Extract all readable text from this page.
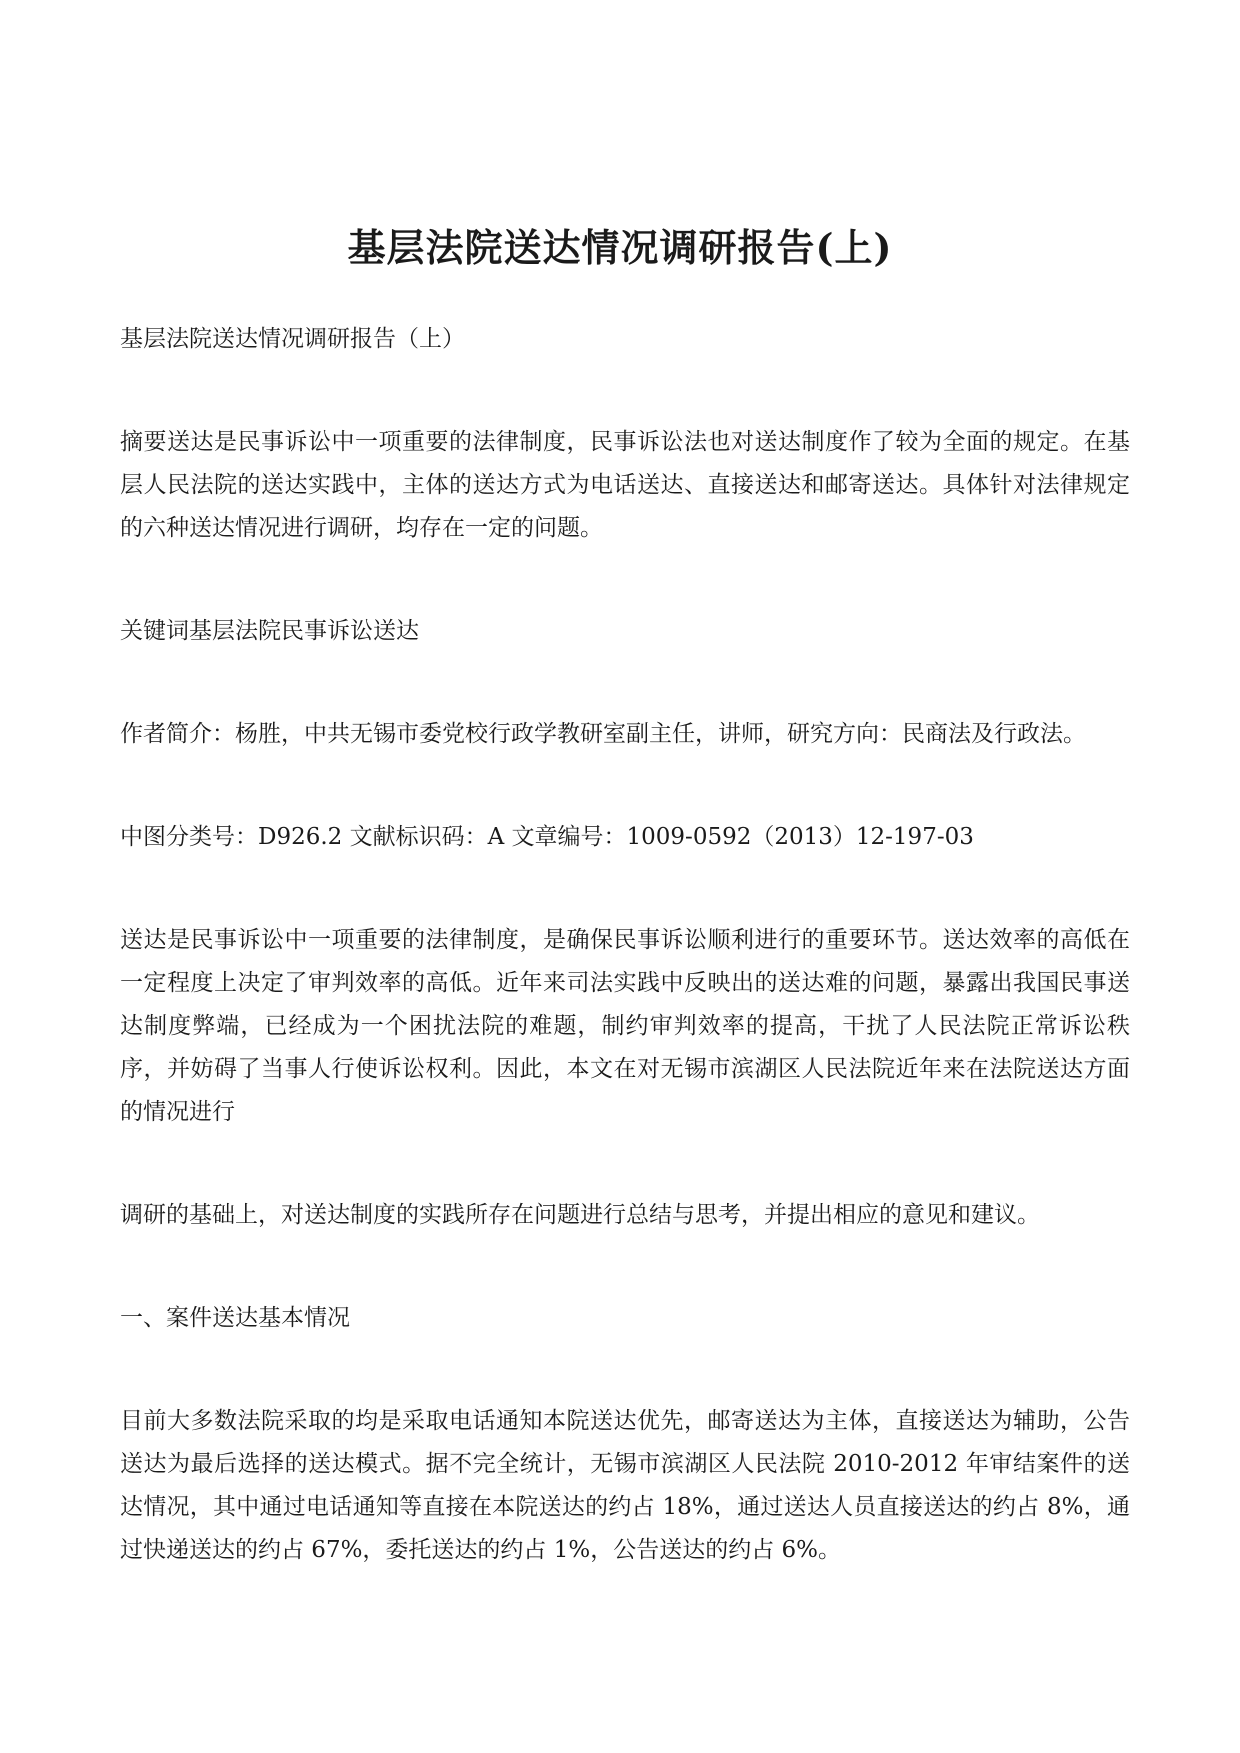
基层法院送达情况调研报告(上)

基层法院送达情况调研报告（上）

摘要送达是民事诉讼中一项重要的法律制度，民事诉讼法也对送达制度作了较为全面的规定。在基层人民法院的送达实践中，主体的送达方式为电话送达、直接送达和邮寄送达。具体针对法律规定的六种送达情况进行调研，均存在一定的问题。

关键词基层法院民事诉讼送达

作者简介：杨胜，中共无锡市委党校行政学教研室副主任，讲师，研究方向：民商法及行政法。

中图分类号：D926.2 文献标识码：A 文章编号：1009-0592（2013）12-197-03

送达是民事诉讼中一项重要的法律制度，是确保民事诉讼顺利进行的重要环节。送达效率的高低在一定程度上决定了审判效率的高低。近年来司法实践中反映出的送达难的问题，暴露出我国民事送达制度弊端，已经成为一个困扰法院的难题，制约审判效率的提高，干扰了人民法院正常诉讼秩序，并妨碍了当事人行使诉讼权利。因此，本文在对无锡市滨湖区人民法院近年来在法院送达方面的情况进行

调研的基础上，对送达制度的实践所存在问题进行总结与思考，并提出相应的意见和建议。

一、案件送达基本情况

目前大多数法院采取的均是采取电话通知本院送达优先，邮寄送达为主体，直接送达为辅助，公告送达为最后选择的送达模式。据不完全统计，无锡市滨湖区人民法院 2010-2012 年审结案件的送达情况，其中通过电话通知等直接在本院送达的约占 18%，通过送达人员直接送达的约占 8%，通过快递送达的约占 67%，委托送达的约占 1%，公告送达的约占 6%。
